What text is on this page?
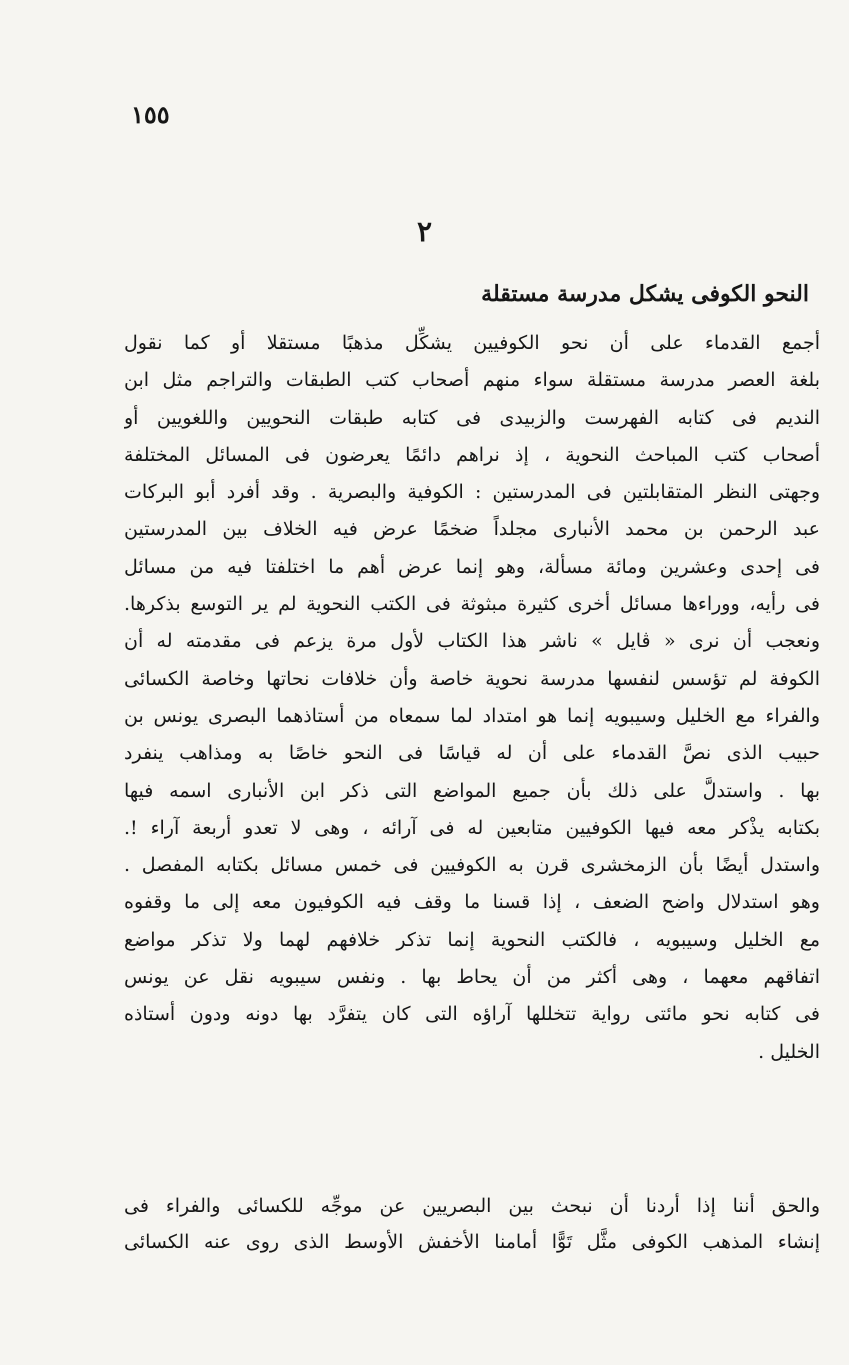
١٥٥
٢
النحو الكوفى يشكل مدرسة مستقلة
أجمع القدماء على أن نحو الكوفيين يشكِّل مذهبًا مستقلا أو كما نقول
بلغة العصر مدرسة مستقلة سواء منهم أصحاب كتب الطبقات والتراجم مثل ابن
النديم فى كتابه الفهرست والزبيدى فى كتابه طبقات النحويين واللغويين أو
أصحاب كتب المباحث النحوية ، إذ نراهم دائمًا يعرضون فى المسائل المختلفة
وجهتى النظر المتقابلتين فى المدرستين : الكوفية والبصرية . وقد أفرد أبو البركات
عبد الرحمن بن محمد الأنبارى مجلداً ضخمًا عرض فيه الخلاف بين المدرستين
فى إحدى وعشرين ومائة مسألة، وهو إنما عرض أهم ما اختلفتا فيه من مسائل
فى رأيه، ووراءها مسائل أخرى كثيرة مبثوثة فى الكتب النحوية لم ير التوسع بذكرها.
ونعجب أن نرى « ڤايل » ناشر هذا الكتاب لأول مرة يزعم فى مقدمته له أن
الكوفة لم تؤسس لنفسها مدرسة نحوية خاصة وأن خلافات نحاتها وخاصة الكسائى
والفراء مع الخليل وسيبويه إنما هو امتداد لما سمعاه من أستاذهما البصرى يونس بن
حبيب الذى نصَّ القدماء على أن له قياسًا فى النحو خاصًا به ومذاهب ينفرد
بها . واستدلَّ على ذلك بأن جميع المواضع التى ذكر ابن الأنبارى اسمه فيها
بكتابه يذْكر معه فيها الكوفيين متابعين له فى آرائه ، وهى لا تعدو أربعة آراء !.
واستدل أيضًا بأن الزمخشرى قرن به الكوفيين فى خمس مسائل بكتابه المفصل .
وهو استدلال واضح الضعف ، إذا قسنا ما وقف فيه الكوفيون معه إلى ما وقفوه
مع الخليل وسيبويه ، فالكتب النحوية إنما تذكر خلافهم لهما ولا تذكر مواضع
اتفاقهم معهما ، وهى أكثر من أن يحاط بها . ونفس سيبويه نقل عن يونس
فى كتابه نحو مائتى رواية تتخللها آراؤه التى كان يتفرَّد بها دونه ودون أستاذه
الخليل .
والحق أننا إذا أردنا أن نبحث بين البصريين عن موجِّه للكسائى والفراء فى
إنشاء المذهب الكوفى مثَّل تَوًّا أمامنا الأخفش الأوسط الذى روى عنه الكسائى
